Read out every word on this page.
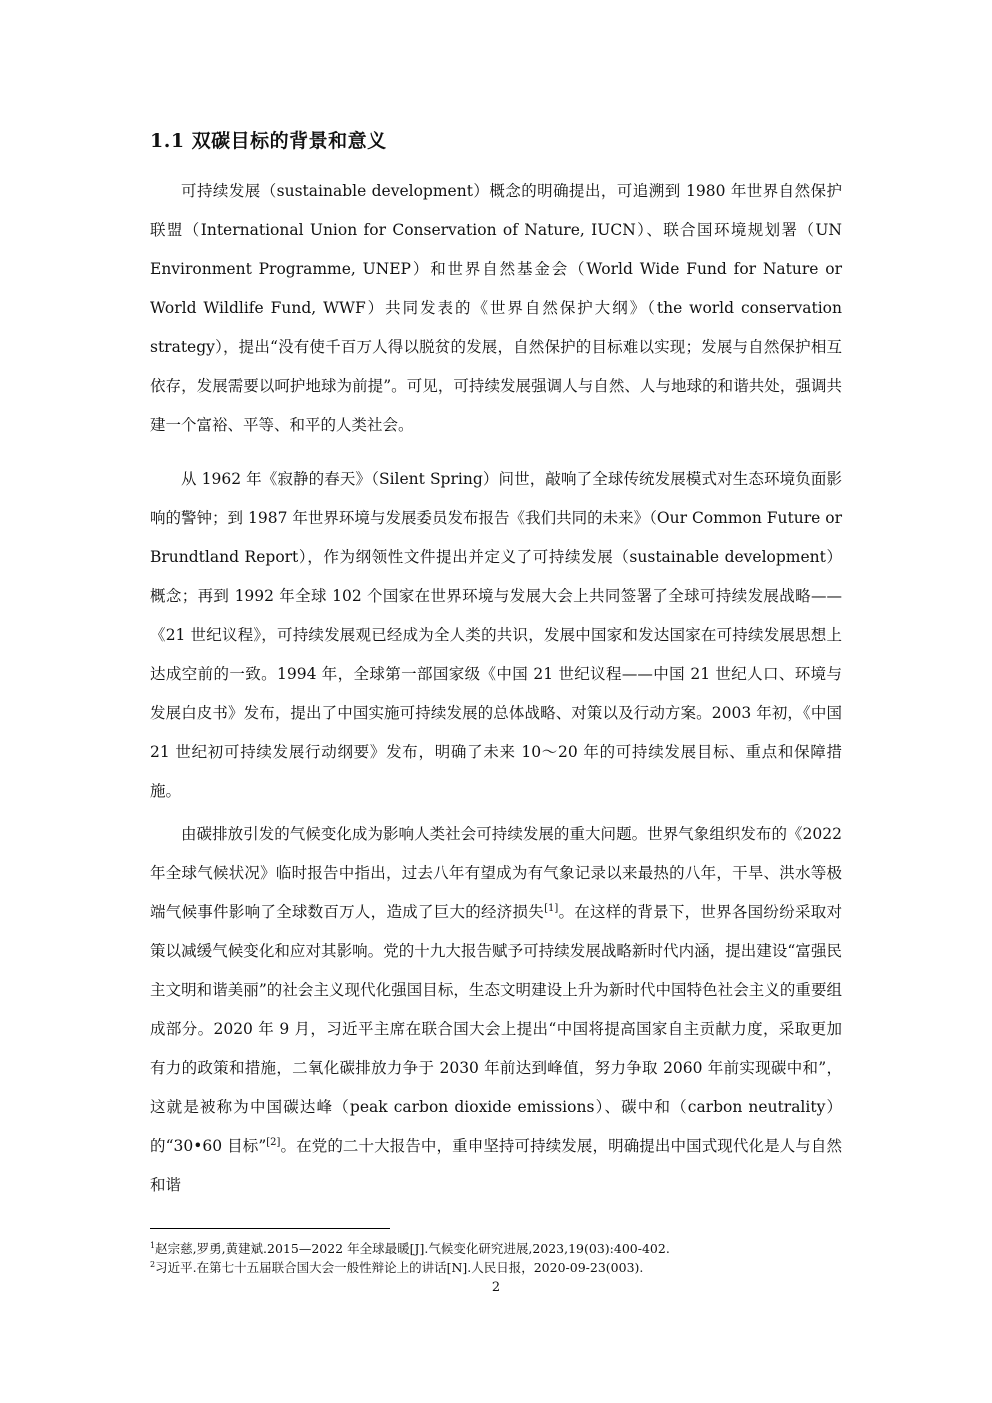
1.1 双碳目标的背景和意义

可持续发展（sustainable development）概念的明确提出，可追溯到 1980 年世界自然保护联盟（International Union for Conservation of Nature, IUCN）、联合国环境规划署（UN Environment Programme, UNEP）和世界自然基金会（World Wide Fund for Nature or World Wildlife Fund, WWF）共同发表的《世界自然保护大纲》（the world conservation strategy），提出“没有使千百万人得以脱贫的发展，自然保护的目标难以实现；发展与自然保护相互依存，发展需要以呵护地球为前提”。可见，可持续发展强调人与自然、人与地球的和谐共处，强调共建一个富裕、平等、和平的人类社会。

从 1962 年《寂静的春天》（Silent Spring）问世，敲响了全球传统发展模式对生态环境负面影响的警钟；到 1987 年世界环境与发展委员发布报告《我们共同的未来》（Our Common Future or Brundtland Report），作为纲领性文件提出并定义了可持续发展（sustainable development）概念；再到 1992 年全球 102 个国家在世界环境与发展大会上共同签署了全球可持续发展战略——《21 世纪议程》，可持续发展观已经成为全人类的共识，发展中国家和发达国家在可持续发展思想上达成空前的一致。1994 年，全球第一部国家级《中国 21 世纪议程——中国 21 世纪人口、环境与发展白皮书》发布，提出了中国实施可持续发展的总体战略、对策以及行动方案。2003 年初，《中国 21 世纪初可持续发展行动纲要》发布，明确了未来 10～20 年的可持续发展目标、重点和保障措施。

由碳排放引发的气候变化成为影响人类社会可持续发展的重大问题。世界气象组织发布的《2022 年全球气候状况》临时报告中指出，过去八年有望成为有气象记录以来最热的八年，干旱、洪水等极端气候事件影响了全球数百万人，造成了巨大的经济损失[1]。在这样的背景下，世界各国纷纷采取对策以减缓气候变化和应对其影响。党的十九大报告赋予可持续发展战略新时代内涵，提出建设“富强民主文明和谐美丽”的社会主义现代化强国目标，生态文明建设上升为新时代中国特色社会主义的重要组成部分。2020 年 9 月，习近平主席在联合国大会上提出“中国将提高国家自主贡献力度，采取更加有力的政策和措施，二氧化碳排放力争于 2030 年前达到峰值，努力争取 2060 年前实现碳中和”，这就是被称为中国碳达峰（peak carbon dioxide emissions）、碳中和（carbon neutrality）的“30•60 目标”[2]。在党的二十大报告中，重申坚持可持续发展，明确提出中国式现代化是人与自然和谐

$^1$赵宗慈,罗勇,黄建斌.2015—2022 年全球最暖[J].气候变化研究进展,2023,19(03):400-402.

$^2$习近平.在第七十五届联合国大会一般性辩论上的讲话[N].人民日报，2020-09-23(003).

2
